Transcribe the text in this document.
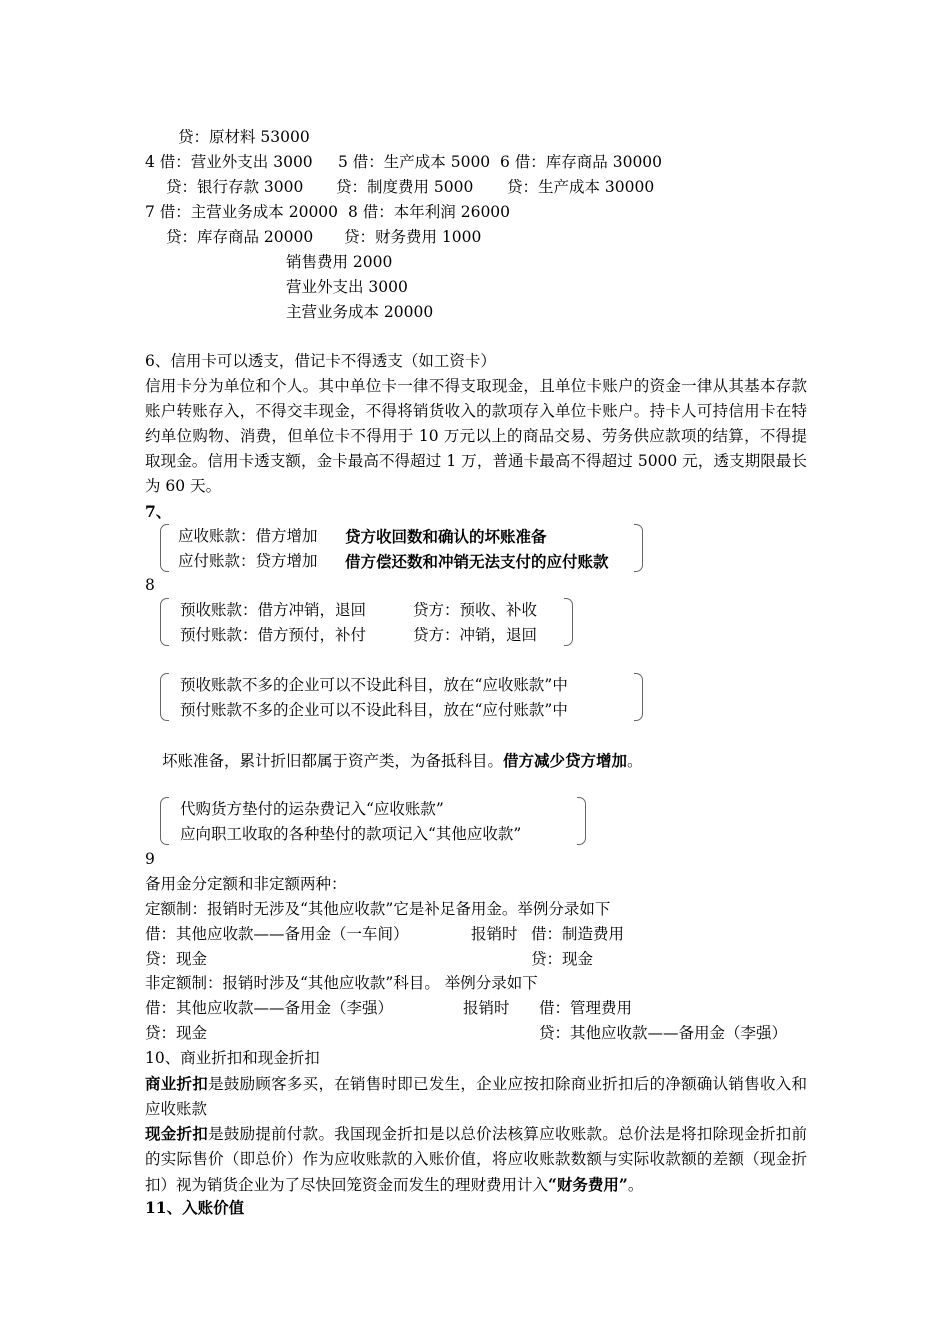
贷：原材料 53000
4 借：营业外支出 3000 5 借：生产成本 5000 6 借：库存商品 30000
贷：银行存款 3000 贷：制度费用 5000 贷：生产成本 30000
7 借：主营业务成本 20000 8 借：本年利润 26000
贷：库存商品 20000 贷：财务费用 1000
销售费用 2000
营业外支出 3000
主营业务成本 20000
6、信用卡可以透支，借记卡不得透支（如工资卡）
信用卡分为单位和个人。其中单位卡一律不得支取现金，且单位卡账户的资金一律从其基本存款账户转账存入，不得交丰现金，不得将销货收入的款项存入单位卡账户。持卡人可持信用卡在特约单位购物、消费，但单位卡不得用于 10 万元以上的商品交易、劳务供应款项的结算，不得提取现金。信用卡透支额，金卡最高不得超过 1 万，普通卡最高不得超过 5000 元，透支期限最长为 60 天。
7、
应收账款：借方增加 贷方收回数和确认的坏账准备
应付账款：贷方增加 借方偿还数和冲销无法支付的应付账款
8
预收账款：借方冲销，退回	贷方：预收、补收
预付账款：借方预付，补付	贷方：冲销，退回
预收账款不多的企业可以不设此科目，放在“应收账款”中
预付账款不多的企业可以不设此科目，放在“应付账款”中
坏账准备，累计折旧都属于资产类，为备抵科目。借方减少贷方增加。
代购货方垫付的运杂费记入“应收账款”
应向职工收取的各种垫付的款项记入“其他应收款”
9
备用金分定额和非定额两种：
定额制：报销时无涉及“其他应收款”它是补足备用金。举例分录如下
借：其他应收款——备用金（一车间）	报销时 借：制造费用
贷：现金	贷：现金
非定额制：报销时涉及“其他应收款”科目。 举例分录如下
借：其他应收款——备用金（李强）	报销时 借：管理费用
贷：现金	贷：其他应收款——备用金（李强）
10、商业折扣和现金折扣
商业折扣是鼓励顾客多买，在销售时即已发生，企业应按扣除商业折扣后的净额确认销售收入和应收账款
现金折扣是鼓励提前付款。我国现金折扣是以总价法核算应收账款。总价法是将扣除现金折扣前的实际售价（即总价）作为应收账款的入账价值，将应收账款数额与实际收款额的差额（现金折扣）视为销货企业为了尽快回笼资金而发生的理财费用计入“财务费用”。
11、入账价值
